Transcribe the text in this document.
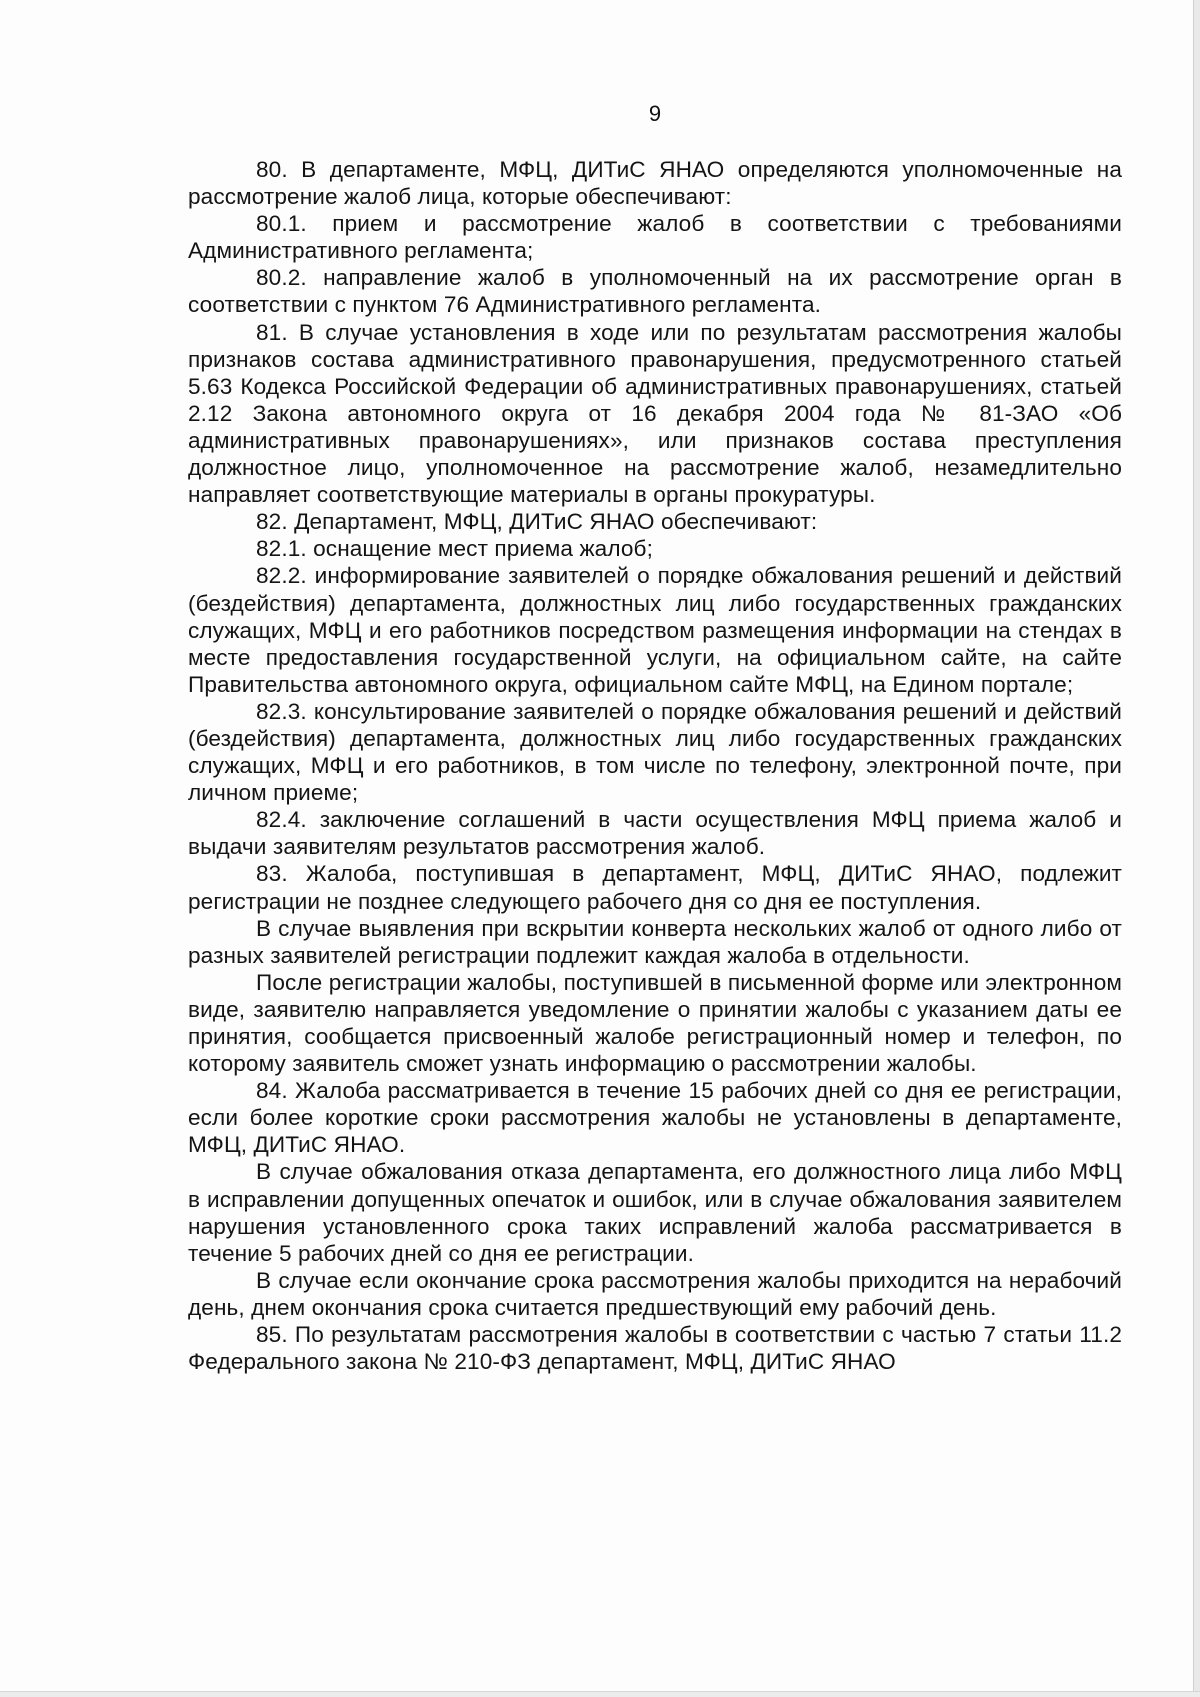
9

80. В департаменте, МФЦ, ДИТиС ЯНАО определяются уполномоченные на рассмотрение жалоб лица, которые обеспечивают:

80.1. прием и рассмотрение жалоб в соответствии с требованиями Административного регламента;

80.2. направление жалоб в уполномоченный на их рассмотрение орган в соответствии с пунктом 76 Административного регламента.

81. В случае установления в ходе или по результатам рассмотрения жалобы признаков состава административного правонарушения, предусмотренного статьей 5.63 Кодекса Российской Федерации об административных правонарушениях, статьей 2.12 Закона автономного округа от 16 декабря 2004 года № 81-ЗАО «Об административных правонарушениях», или признаков состава преступления должностное лицо, уполномоченное на рассмотрение жалоб, незамедлительно направляет соответствующие материалы в органы прокуратуры.

82. Департамент, МФЦ, ДИТиС ЯНАО обеспечивают:

82.1. оснащение мест приема жалоб;

82.2. информирование заявителей о порядке обжалования решений и действий (бездействия) департамента, должностных лиц либо государственных гражданских служащих, МФЦ и его работников посредством размещения информации на стендах в месте предоставления государственной услуги, на официальном сайте, на сайте Правительства автономного округа, официальном сайте МФЦ, на Едином портале;

82.3. консультирование заявителей о порядке обжалования решений и действий (бездействия) департамента, должностных лиц либо государственных гражданских служащих, МФЦ и его работников, в том числе по телефону, электронной почте, при личном приеме;

82.4. заключение соглашений в части осуществления МФЦ приема жалоб и выдачи заявителям результатов рассмотрения жалоб.

83. Жалоба, поступившая в департамент, МФЦ, ДИТиС ЯНАО, подлежит регистрации не позднее следующего рабочего дня со дня ее поступления.

В случае выявления при вскрытии конверта нескольких жалоб от одного либо от разных заявителей регистрации подлежит каждая жалоба в отдельности.

После регистрации жалобы, поступившей в письменной форме или электронном виде, заявителю направляется уведомление о принятии жалобы с указанием даты ее принятия, сообщается присвоенный жалобе регистрационный номер и телефон, по которому заявитель сможет узнать информацию о рассмотрении жалобы.

84. Жалоба рассматривается в течение 15 рабочих дней со дня ее регистрации, если более короткие сроки рассмотрения жалобы не установлены в департаменте, МФЦ, ДИТиС ЯНАО.

В случае обжалования отказа департамента, его должностного лица либо МФЦ в исправлении допущенных опечаток и ошибок, или в случае обжалования заявителем нарушения установленного срока таких исправлений жалоба рассматривается в течение 5 рабочих дней со дня ее регистрации.

В случае если окончание срока рассмотрения жалобы приходится на нерабочий день, днем окончания срока считается предшествующий ему рабочий день.

85. По результатам рассмотрения жалобы в соответствии с частью 7 статьи 11.2 Федерального закона № 210-ФЗ департамент, МФЦ, ДИТиС ЯНАО
